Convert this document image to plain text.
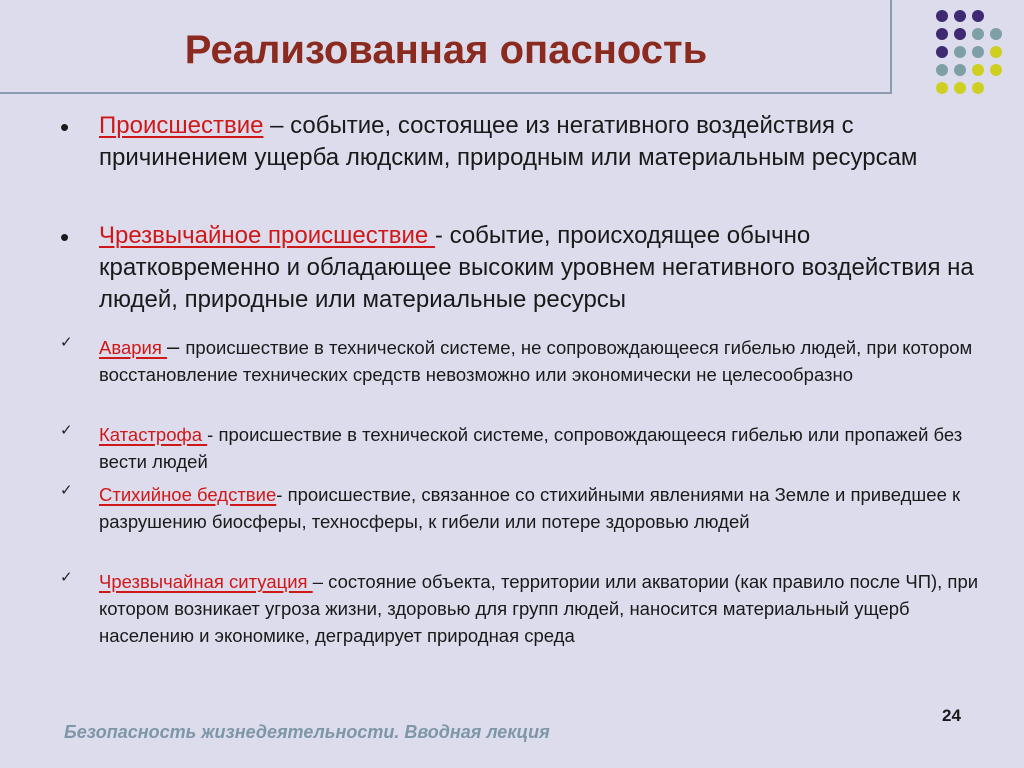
Реализованная опасность
• Происшествие – событие, состоящее из негативного воздействия с причинением ущерба людским, природным или материальным ресурсам
• Чрезвычайное происшествие - событие, происходящее обычно кратковременно и обладающее высоким уровнем негативного воздействия на людей, природные или материальные ресурсы
✓ Авария – происшествие в технической системе, не сопровождающееся гибелью людей, при котором восстановление технических средств невозможно или экономически не целесообразно
✓ Катастрофа - происшествие в технической системе, сопровождающееся гибелью или пропажей без вести людей
✓ Стихийное бедствие- происшествие, связанное со стихийными явлениями на Земле и приведшее к разрушению биосферы, техносферы, к гибели или потере здоровью людей
✓ Чрезвычайная ситуация – состояние объекта, территории или акватории (как правило после ЧП), при котором возникает угроза жизни, здоровью для групп людей, наносится материальный ущерб населению и экономике, деградирует природная среда
Безопасность жизнедеятельности. Вводная лекция
24
